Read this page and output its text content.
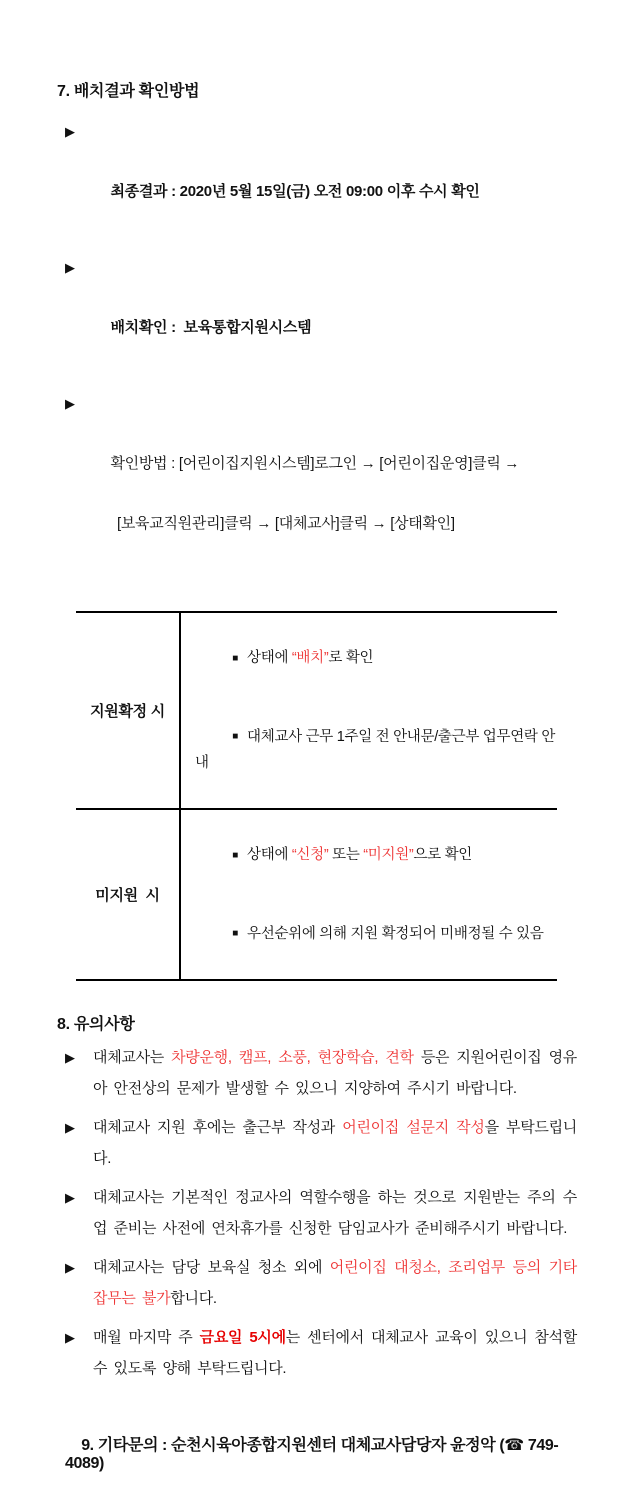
7. 배치결과 확인방법

▶

최종결과 : 2020년 5월 15일(금) 오전 09:00 이후 수시 확인

▶

배치확인 :  보육통합지원시스템

▶

확인방법 : [어린이집지원시스템]로그인 → [어린이집운영]클릭 →

[보육교직원관리]클릭 → [대체교사]클릭 → [상태확인]

지원확정 시	■ 상태에 “배치”로 확인

■ 대체교사 근무 1주일 전 안내문/출근부 업무연락 안내

미지원  시	■ 상태에 “신청” 또는 “미지원”으로 확인

■ 우선순위에 의해 지원 확정되어 미배정될 수 있음

8. 유의사항
▶ 대체교사는 차량운행, 캠프, 소풍, 현장학습, 견학 등은 지원어린이집 영유아 안전상의 문제가 발생할 수 있으니 지양하여 주시기 바랍니다.
▶ 대체교사 지원 후에는 출근부 작성과 어린이집 설문지 작성을 부탁드립니다.
▶ 대체교사는 기본적인 정교사의 역할수행을 하는 것으로 지원받는 주의 수업 준비는 사전에 연차휴가를 신청한 담임교사가 준비해주시기 바랍니다.
▶ 대체교사는 담당 보육실 청소 외에 어린이집 대청소, 조리업무 등의 기타잡무는 불가합니다.
▶ 매월 마지막 주 금요일 5시에는 센터에서 대체교사 교육이 있으니 참석할 수 있도록 양해 부탁드립니다.

9. 기타문의 : 순천시육아종합지원센터 대체교사담당자 윤정악 (☎ 749-4089)
